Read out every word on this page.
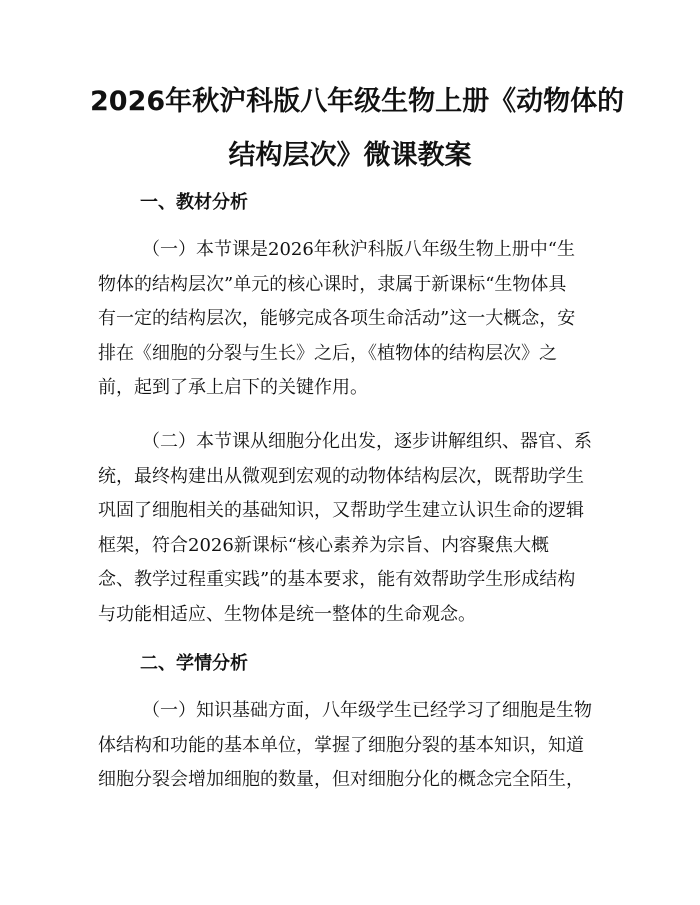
2026年秋沪科版八年级生物上册《动物体的
结构层次》微课教案
一、教材分析

（一）本节课是2026年秋沪科版八年级生物上册中“生
物体的结构层次”单元的核心课时，隶属于新课标“生物体具
有一定的结构层次，能够完成各项生命活动”这一大概念，安
排在《细胞的分裂与生长》之后，《植物体的结构层次》之
前，起到了承上启下的关键作用。

（二）本节课从细胞分化出发，逐步讲解组织、器官、系
统，最终构建出从微观到宏观的动物体结构层次，既帮助学生
巩固了细胞相关的基础知识，又帮助学生建立认识生命的逻辑
框架，符合2026新课标“核心素养为宗旨、内容聚焦大概
念、教学过程重实践”的基本要求，能有效帮助学生形成结构
与功能相适应、生物体是统一整体的生命观念。

二、学情分析

（一）知识基础方面，八年级学生已经学习了细胞是生物
体结构和功能的基本单位，掌握了细胞分裂的基本知识，知道
细胞分裂会增加细胞的数量，但对细胞分化的概念完全陌生，
